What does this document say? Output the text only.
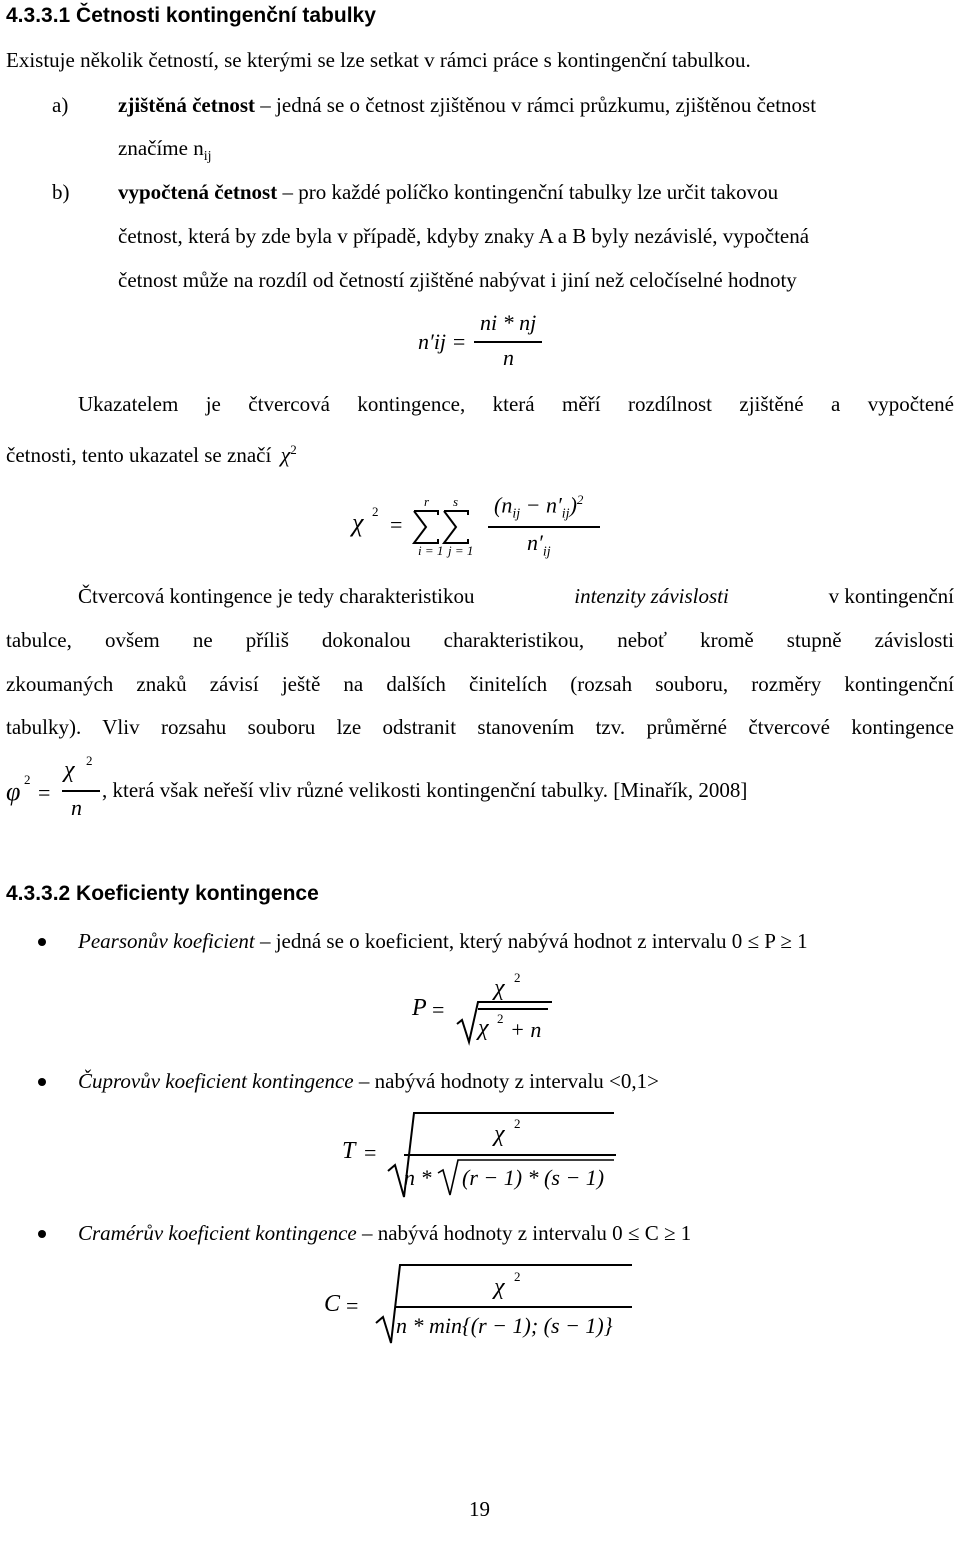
4.3.3.1 Četnosti kontingenční tabulky
Existuje několik četností, se kterými se lze setkat v rámci práce s kontingenční tabulkou.
a) zjištěná četnost – jedná se o četnost zjištěnou v rámci průzkumu, zjištěnou četnost
značíme $n_{ij}$
b) vypočtená četnost – pro každé políčko kontingenční tabulky lze určit takovou
četnost, která by zde byla v případě, kdyby znaky A a B byly nezávislé, vypočtená
četnost může na rozdíl od četností zjištěné nabývat i jiní než celočíselné hodnoty
n′ij =
ni * nj
n
Ukazatelem je čtvercová kontingence, která měří rozdílnost zjištěné a vypočtené
četnosti, tento ukazatel se značí $\chi^2$
χ 2
=
r s
i = 1 j = 1
$(n_{ij} - n'_{ij})^2$
$n'_{ij}$
Čtvercová kontingence je tedy charakteristikou	intenzity závislosti	v kontingenční
tabulce, ovšem ne příliš dokonalou charakteristikou, neboť kromě stupně závislosti
zkoumaných znaků závisí ještě na dalších činitelích (rozsah souboru, rozměry kontingenční
tabulky). Vliv rozsahu souboru lze odstranit stanovením tzv. průměrné čtvercové kontingence
φ 2
=
χ 2
n
, která však neřeší vliv různé velikosti kontingenční tabulky. [Minařík, 2008]
4.3.3.2 Koeficienty kontingence
Pearsonův koeficient – jedná se o koeficient, který nabývá hodnot z intervalu 0 ≤ P ≥ 1
P =
χ 2
χ 2 + n
Čuprovův koeficient kontingence – nabývá hodnoty z intervalu <0,1>
T =
χ 2
n * (r − 1) * (s − 1)
Cramérův koeficient kontingence – nabývá hodnoty z intervalu 0 ≤ C ≥ 1
C =
χ 2
n * min{(r − 1); (s − 1)}
19
